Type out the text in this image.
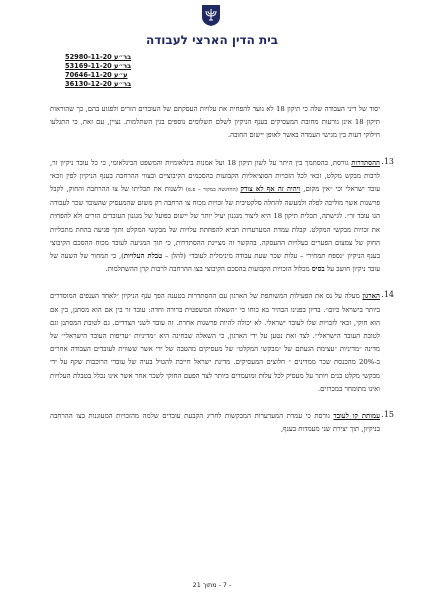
בית הדין הארצי לעבודה
בר״ע 52980-11-20
בר״ע 53169-11-20
ע״ע 70646-11-20
בר״ע 36130-12-20

יסוד של דיני העבודה שלה כי תיקון 18 לא נועד להפחית את עלויות העסקתם של העובדים הזרים ולפגוע בהם, כך שהוראות תיקון 18 אינן גורעות מחובת המעסיקים בענף הניקיון לשלם תשלומים נוספים בגין השתלמות. נציין, עם זאת, כי התגלעו חילוקי דעות בין מגישי העמדה באשר לאופן יישום החובה.

13.

ההסתדרות גורסת, בהסתמך בין היתר על לשון תיקון 18 ועל אמנות בינלאומיות והמשפט הבינלאומי, כי כל עובד ניקיון זר, לרבות מבקש מקלט, זכאי לכל הזכויות הסוציאליות הקבועות בהסכמים הקיבוציים ובצווי ההרחבה בענף הניקיון לפין וזכאי עובד ישראלי וכי ״אין מקום, ויהיה זה אף לא צודק (ההדגשה במקור – פ.פ) ולשנות את תכליתו של צו ההרחבה והחוק, לקבל פרשנות אשר מוליכה לפלה ולמעשה להחלה סלקטיבית של זכויות מכוח צו הרחבה רק משום שהמעסיק שהעובד שכר לעבודה הנו עובד זר״. לגישתה, תכלית תיקון 18 היא ליצור מנגנון יעיל יותר של יישום בפועל של מנגנון העובדים הזרים ולא להפחית את זכויות מבקשי המקלט. קבלת עמדת המערערות תביא להפחתת עלויות של מבקשי המקלט ותוך פגיעה בהחת מתכליות החוק של צמצום הפערים בעלויות ההעסקה. בהקשר זה מציינת ההסתדרות, כי תוך המגיעה לעובד מכוח ההסכם הקיבוצי בענף הניקיון ״נספח תמחירי – עלות שכר שעת עבודה מינימלית לעובד״ (להלן – טבלת העלויות), כי תמחור של השעה של עובד ניקיון חושב על בסיס מכלול הזכויות הקבועות בהסכם הקיבוצי בצו ההרחבה לרבות קרן ההשתלמות.

14.

הארגון מעלה על נס את הפעילות המשותפת של הארגון עם ההסתדרות בטענה הפך ענף הניקיון ״לאחד הענפים המוסדרים ביותר בישראל כיום״. בדיון בפנינו הבהיר בא כוחו כי ״השאלה המשפטית ברורה וחדה: עובד זר בין אם הוא מסתנן, בין אם הוא חוקי, זכאי לזכויות שלו לעובד ישראלי. לא יכולה להיות פרשנות אחרת. זה עובד לשני הצדדים. גם לטובת המסתנן וגם לטובת העובד הישראלי״. לצד זאת נטען על ידי הארגון, כי השאלה שבחינה היא ״מדיניות ״עדיפות העובד הישראלי״ של מדינה ״מדיניות ״עצימת הגעתם של ״מבקשי המקלט״ של מעסיקים מהטבה של ידי אשר ששווית לעובדים העבודה אחרים ב-20% מהכנסת שכר ממדינים ״ חלוצים המעסיקים. מדינת ישראל חייבת להטיל בעיה של עובדי הרוכבות שקף על ידי מבקשי מקלט כנים ויותר על מעסיק לכל עלות ומועמדים ביותר לצד הפעם החוקי לשכר אחר אשר אינו נכלל בטבלת העלויות ואינו מתומחר במכרזים.

15.

עמותת קו לעובד גורסת כי עמדת המערערות המבקשות לחריג הקבעת עובדים שלמה מהזכויות המעוגנות בצו ההרחבה בניקיון, תוך יצירת שני מעמדות בענף,

- 7 - מתוך 21
